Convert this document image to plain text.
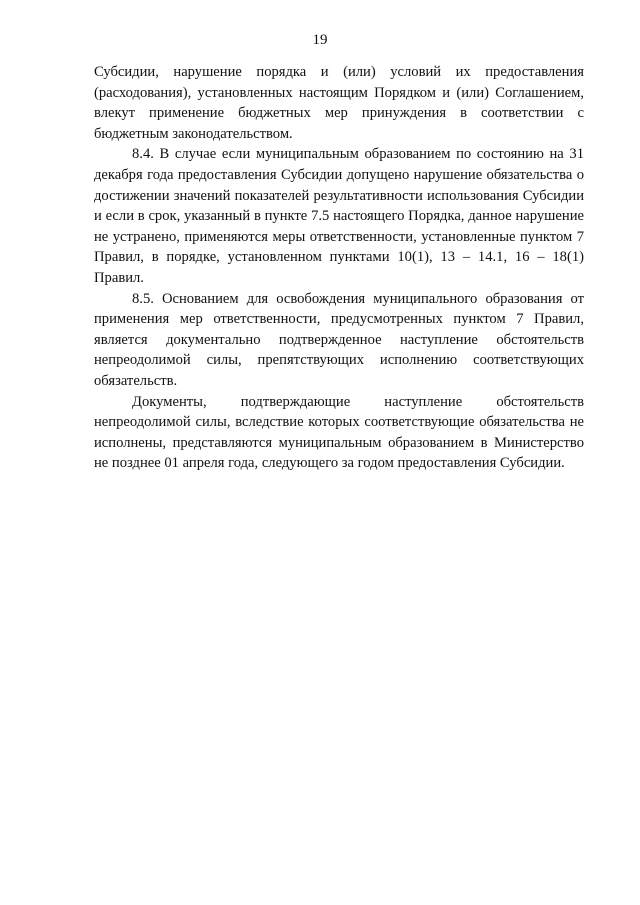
19

Субсидии, нарушение порядка и (или) условий их предоставления (расходования), установленных настоящим Порядком и (или) Соглашением, влекут применение бюджетных мер принуждения в соответствии с бюджетным законодательством.

8.4. В случае если муниципальным образованием по состоянию на 31 декабря года предоставления Субсидии допущено нарушение обязательства о достижении значений показателей результативности использования Субсидии и если в срок, указанный в пункте 7.5 настоящего Порядка, данное нарушение не устранено, применяются меры ответственности, установленные пунктом 7 Правил, в порядке, установленном пунктами 10(1), 13 – 14.1, 16 – 18(1) Правил.

8.5. Основанием для освобождения муниципального образования от применения мер ответственности, предусмотренных пунктом 7 Правил, является документально подтвержденное наступление обстоятельств непреодолимой силы, препятствующих исполнению соответствующих обязательств.

Документы, подтверждающие наступление обстоятельств непреодолимой силы, вследствие которых соответствующие обязательства не исполнены, представляются муниципальным образованием в Министерство не позднее 01 апреля года, следующего за годом предоставления Субсидии.
